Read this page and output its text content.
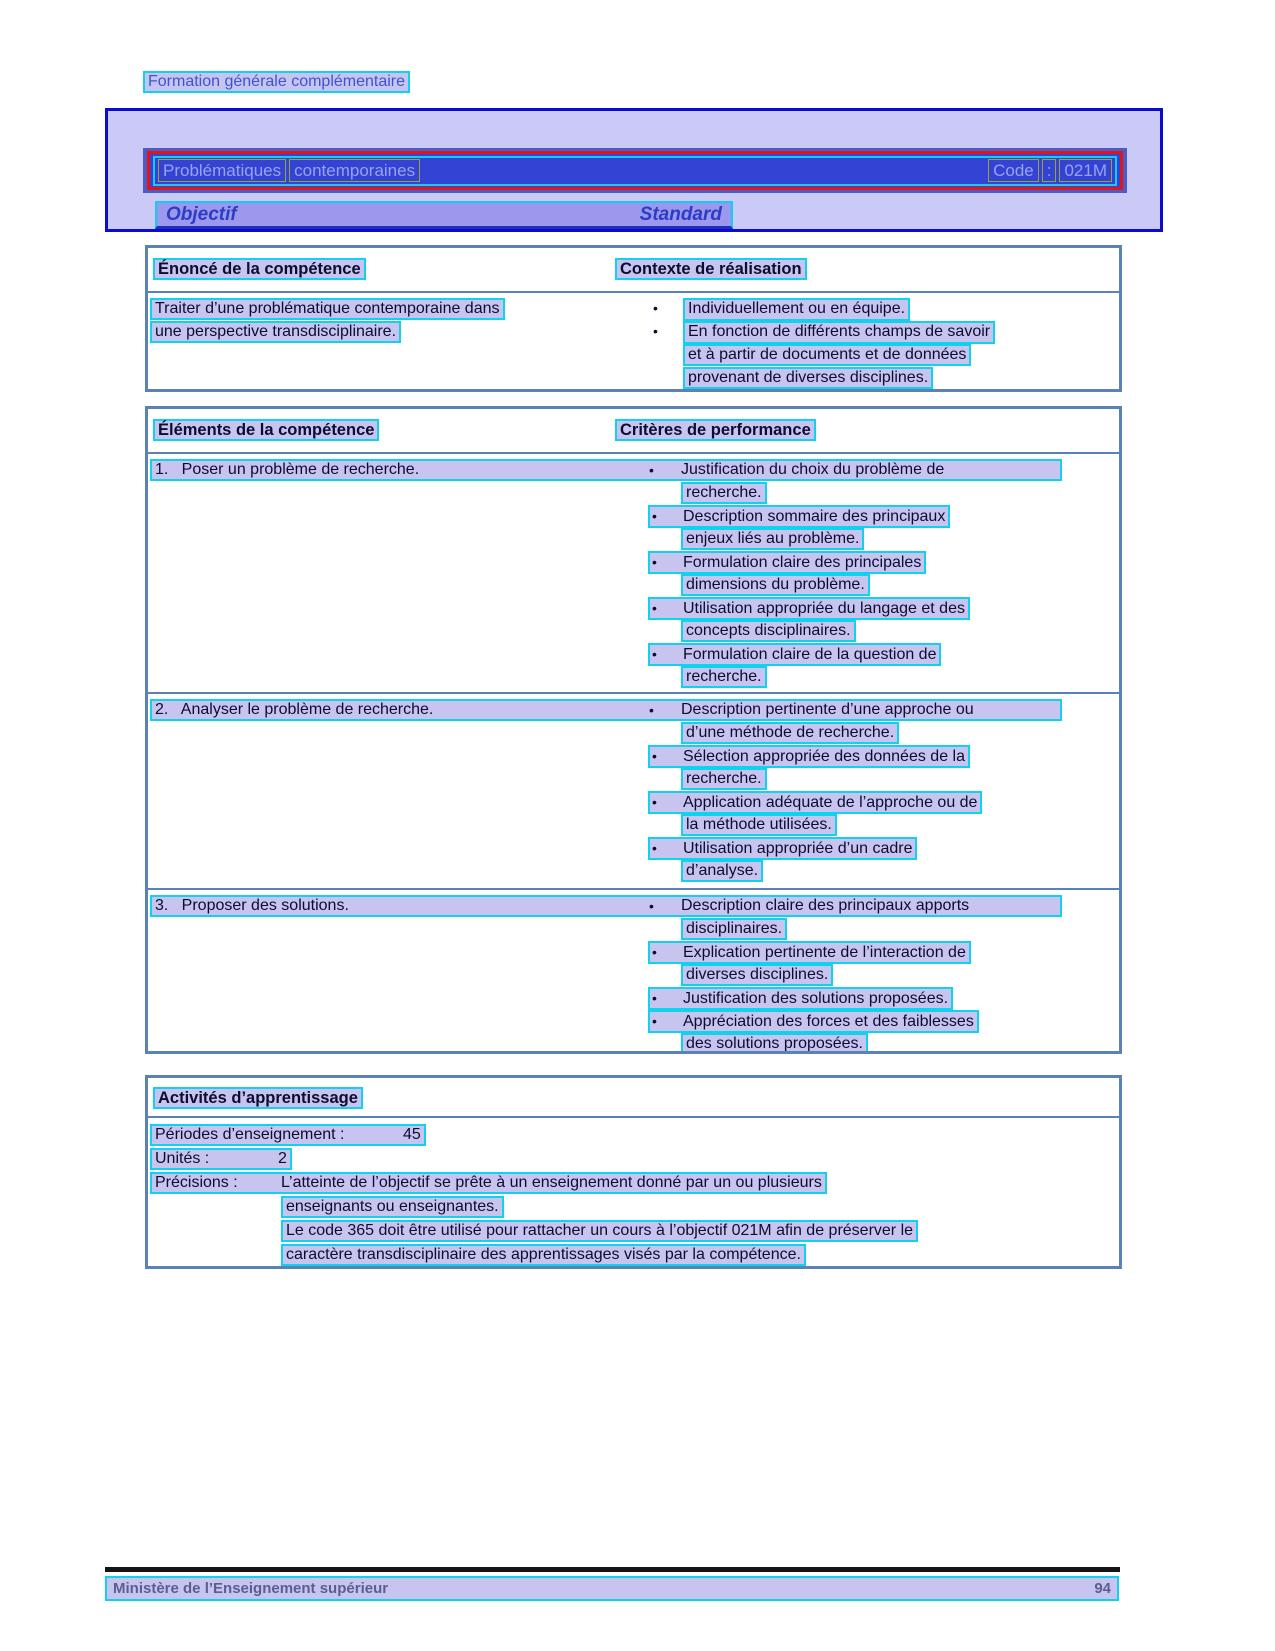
Formation générale complémentaire
Problématiques contemporaines	Code : 021M
Objectif	Standard
Énoncé de la compétence	Contexte de réalisation
Traiter d’une problématique contemporaine dans
une perspective transdisciplinaire.
•	Individuellement ou en équipe.
•	En fonction de différents champs de savoir
et à partir de documents et de données
provenant de diverses disciplines.
Éléments de la compétence	Critères de performance
1.   Poser un problème de recherche.	•	Justification du choix du problème de
recherche.
• Description sommaire des principaux
enjeux liés au problème.
• Formulation claire des principales
dimensions du problème.
• Utilisation appropriée du langage et des
concepts disciplinaires.
• Formulation claire de la question de
recherche.
2.   Analyser le problème de recherche.	•	Description pertinente d’une approche ou
d’une méthode de recherche.
• Sélection appropriée des données de la
recherche.
• Application adéquate de l’approche ou de
la méthode utilisées.
• Utilisation appropriée d’un cadre
d’analyse.
3.   Proposer des solutions.	•	Description claire des principaux apports
disciplinaires.
• Explication pertinente de l’interaction de
diverses disciplines.
• Justification des solutions proposées.
• Appréciation des forces et des faiblesses
des solutions proposées.
Activités d’apprentissage
Périodes d’enseignement :	45
Unités :	2
Précisions :	L’atteinte de l’objectif se prête à un enseignement donné par un ou plusieurs
enseignants ou enseignantes.
Le code 365 doit être utilisé pour rattacher un cours à l’objectif 021M afin de préserver le
caractère transdisciplinaire des apprentissages visés par la compétence.
Ministère de l’Enseignement supérieur	94
